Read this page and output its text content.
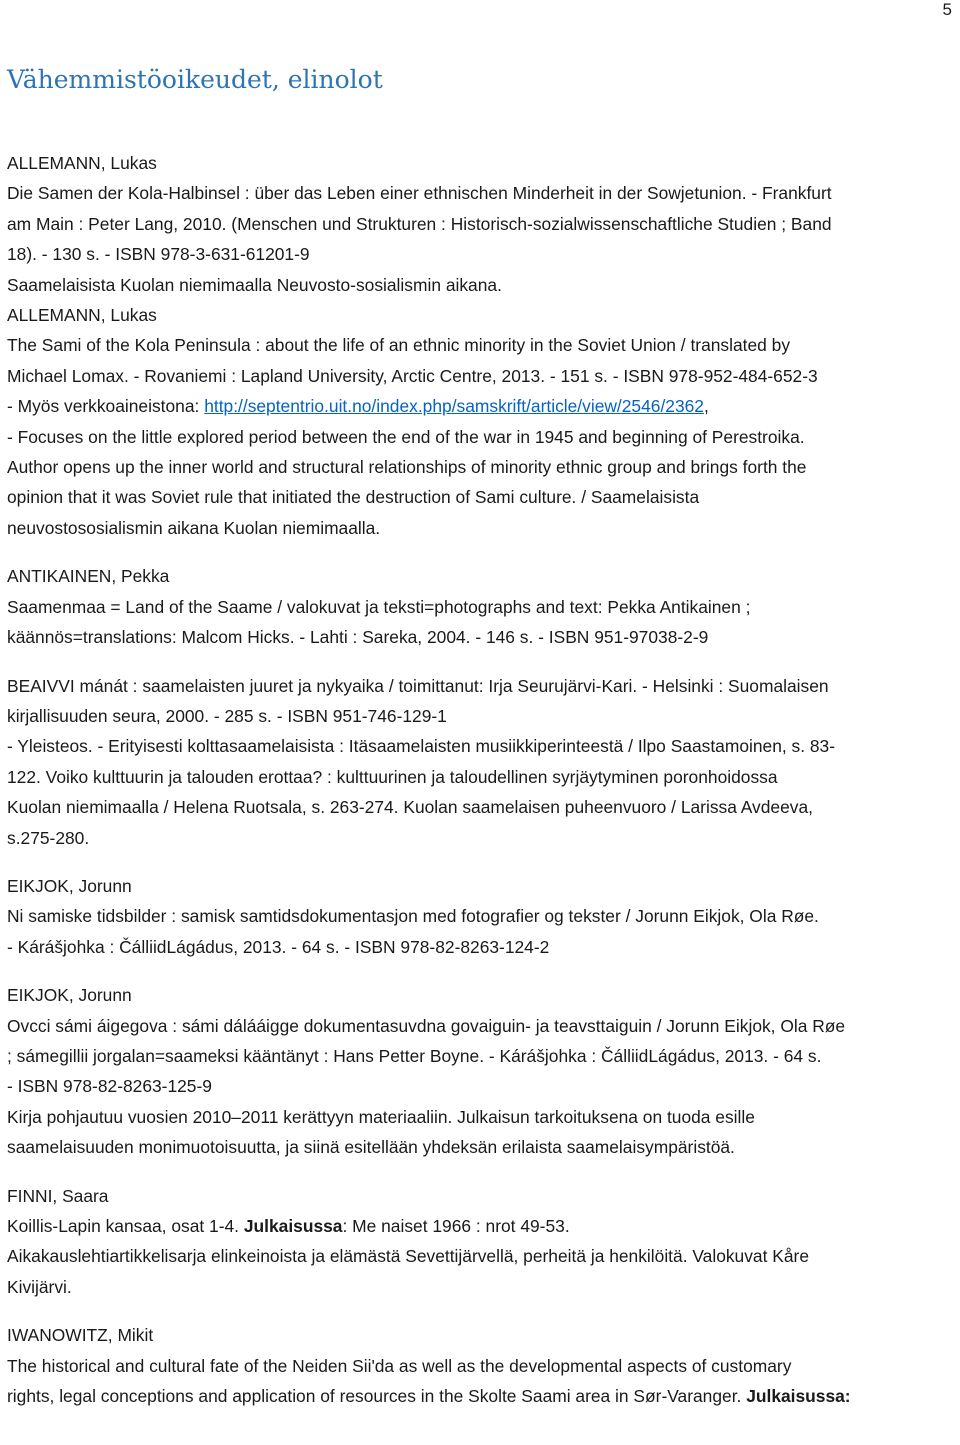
5
Vähemmistöoikeudet, elinolot
ALLEMANN, Lukas
Die Samen der Kola-Halbinsel : über das Leben einer ethnischen Minderheit in der Sowjetunion. - Frankfurt
am Main : Peter Lang, 2010. (Menschen und Strukturen : Historisch-sozialwissenschaftliche Studien ; Band
18). - 130 s. - ISBN 978-3-631-61201-9
Saamelaisista Kuolan niemimaalla Neuvosto-sosialismin aikana.
ALLEMANN, Lukas
The Sami of the Kola Peninsula : about the life of an ethnic minority in the Soviet Union / translated by
Michael Lomax. - Rovaniemi : Lapland University, Arctic Centre, 2013. - 151 s. - ISBN 978-952-484-652-3
- Myös verkkoaineistona: http://septentrio.uit.no/index.php/samskrift/article/view/2546/2362,
- Focuses on the little explored period between the end of the war in 1945 and beginning of Perestroika.
Author opens up the inner world and structural relationships of minority ethnic group and brings forth the
opinion that it was Soviet rule that initiated the destruction of Sami culture. / Saamelaisista
neuvostososialismin aikana Kuolan niemimaalla.
ANTIKAINEN, Pekka
Saamenmaa = Land of the Saame / valokuvat ja teksti=photographs and text: Pekka Antikainen ;
käännös=translations: Malcom Hicks. - Lahti : Sareka, 2004. - 146 s. - ISBN 951-97038-2-9
BEAIVVI mánát : saamelaisten juuret ja nykyaika / toimittanut: Irja Seurujärvi-Kari. - Helsinki : Suomalaisen
kirjallisuuden seura, 2000. - 285 s. - ISBN 951-746-129-1
- Yleisteos. - Erityisesti kolttasaamelaisista : Itäsaamelaisten musiikkiperinteestä / Ilpo Saastamoinen, s. 83-
122. Voiko kulttuurin ja talouden erottaa? : kulttuurinen ja taloudellinen syrjäytyminen poronhoidossa
Kuolan niemimaalla / Helena Ruotsala, s. 263-274. Kuolan saamelaisen puheenvuoro / Larissa Avdeeva,
s.275-280.
EIKJOK, Jorunn
Ni samiske tidsbilder : samisk samtidsdokumentasjon med fotografier og tekster / Jorunn Eikjok, Ola Røe.
- Kárášjohka : ČálliidLágádus, 2013. - 64 s. - ISBN 978-82-8263-124-2
EIKJOK, Jorunn
Ovcci sámi áigegova : sámi dálááigge dokumentasuvdna govaiguin- ja teavsttaiguin / Jorunn Eikjok, Ola Røe
; sámegillii jorgalan=saameksi kääntänyt : Hans Petter Boyne. - Kárášjohka : ČálliidLágádus, 2013. - 64 s.
- ISBN 978-82-8263-125-9
Kirja pohjautuu vuosien 2010–2011 kerättyyn materiaaliin. Julkaisun tarkoituksena on tuoda esille
saamelaisuuden monimuotoisuutta, ja siinä esitellään yhdeksän erilaista saamelaisympäristöä.
FINNI, Saara
Koillis-Lapin kansaa, osat 1-4. Julkaisussa: Me naiset 1966 : nrot 49-53.
Aikakauslehtiartikkelisarja elinkeinoista ja elämästä Sevettijärvellä, perheitä ja henkilöitä. Valokuvat Kåre
Kivijärvi.
IWANOWITZ, Mikit
The historical and cultural fate of the Neiden Sii'da as well as the developmental aspects of customary
rights, legal conceptions and application of resources in the Skolte Saami area in Sør-Varanger. Julkaisussa:
